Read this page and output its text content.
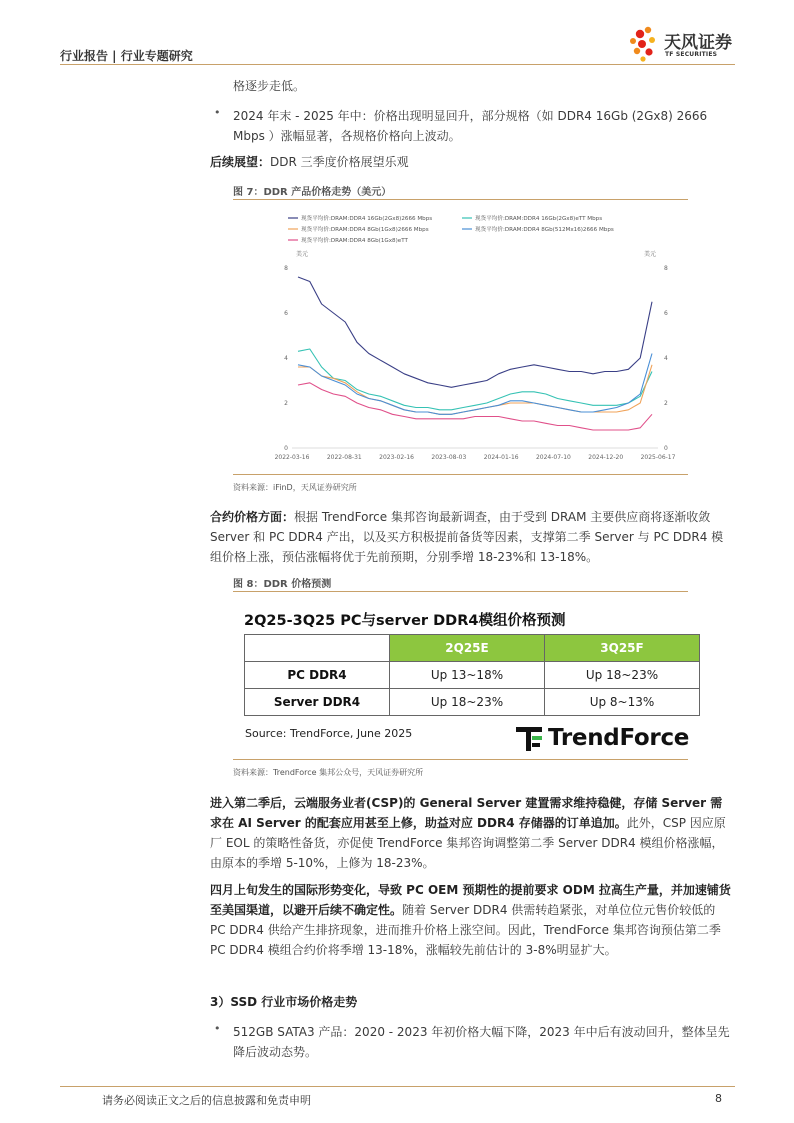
行业报告 | 行业专题研究
天风证券
TF SECURITIES
格逐步走低。
• 2024 年末 - 2025 年中：价格出现明显回升，部分规格（如 DDR4 16Gb (2Gx8) 2666 Mbps ）涨幅显著，各规格价格向上波动。
后续展望：DDR 三季度价格展望乐观
图 7：DDR 产品价格走势（美元）
现货平均价:DRAM:DDR4 16Gb(2Gx8)2666 Mbps	现货平均价:DRAM:DDR4 16Gb(2Gx8)eTT Mbps
现货平均价:DRAM:DDR4 8Gb(1Gx8)2666 Mbps	现货平均价:DRAM:DDR4 8Gb(512Mx16)2666 Mbps
现货平均价:DRAM:DDR4 8Gb(1Gx8)eTT
美元	美元
0	0
2	2
4	4
6	6
8	8
2022-03-16	2022-08-31	2023-02-16	2023-08-03	2024-01-16	2024-07-10	2024-12-20	2025-06-17
资料来源：iFinD，天风证券研究所
合约价格方面：根据 TrendForce 集邦咨询最新调查，由于受到 DRAM 主要供应商将逐渐收敛 Server 和 PC DDR4 产出，以及买方积极提前备货等因素，支撑第二季 Server 与 PC DDR4 模组价格上涨，预估涨幅将优于先前预期，分别季增 18-23%和 13-18%。
图 8：DDR 价格预测
2Q25-3Q25 PC与server DDR4模组价格预测
	2Q25E	3Q25F
PC DDR4	Up 13~18%	Up 18~23%
Server DDR4	Up 18~23%	Up 8~13%
Source: TrendForce, June 2025	TrendForce
资料来源：TrendForce 集邦公众号，天风证券研究所
进入第二季后，云端服务业者(CSP)的 General Server 建置需求维持稳健，存储 Server 需求在 AI Server 的配套应用甚至上修，助益对应 DDR4 存储器的订单追加。此外，CSP 因应原厂 EOL 的策略性备货，亦促使 TrendForce 集邦咨询调整第二季 Server DDR4 模组价格涨幅，由原本的季增 5-10%，上修为 18-23%。
四月上旬发生的国际形势变化，导致 PC OEM 预期性的提前要求 ODM 拉高生产量，并加速铺货至美国渠道，以避开后续不确定性。随着 Server DDR4 供需转趋紧张，对单位位元售价较低的 PC DDR4 供给产生排挤现象，进而推升价格上涨空间。因此，TrendForce 集邦咨询预估第二季 PC DDR4 模组合约价将季增 13-18%，涨幅较先前估计的 3-8%明显扩大。
3）SSD 行业市场价格走势
• 512GB SATA3 产品：2020 - 2023 年初价格大幅下降，2023 年中后有波动回升，整体呈先降后波动态势。
请务必阅读正文之后的信息披露和免责申明	8
